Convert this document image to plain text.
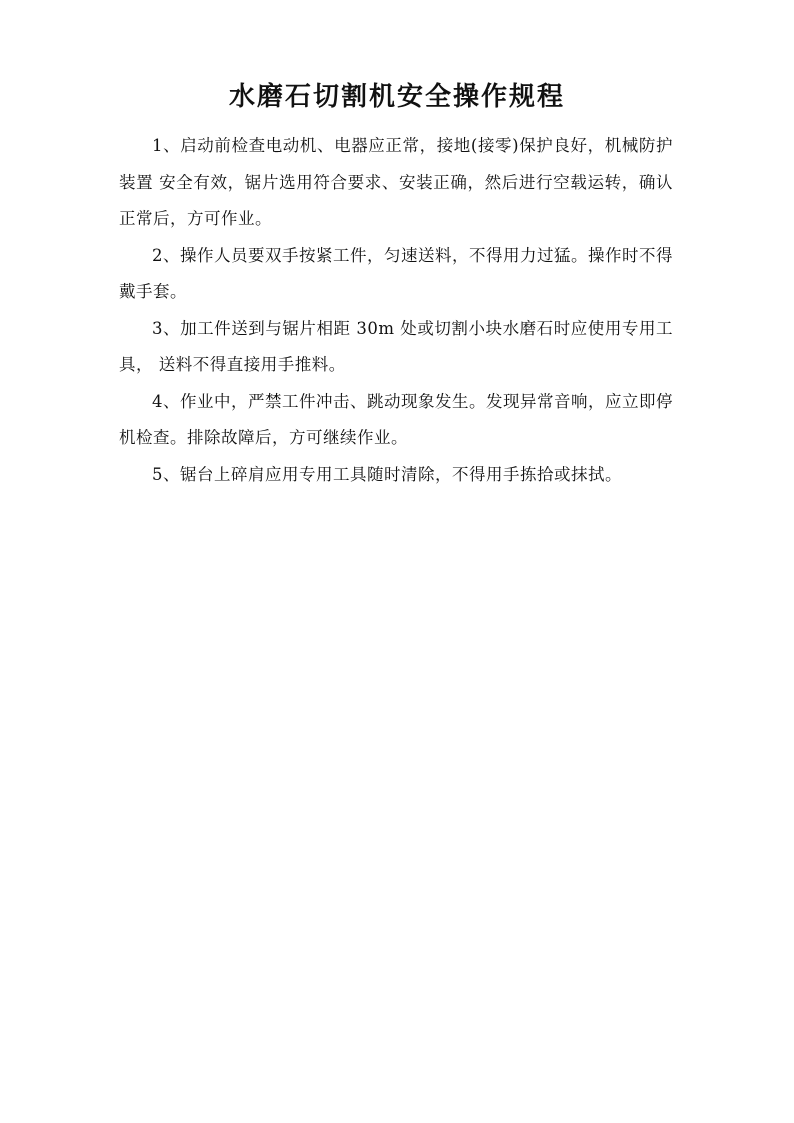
水磨石切割机安全操作规程

1、启动前检查电动机、电器应正常，接地(接零)保护良好，机械防护装置 安全有效，锯片选用符合要求、安装正确，然后进行空载运转，确认正常后，方可作业。

2、操作人员要双手按紧工件，匀速送料，不得用力过猛。操作时不得戴手套。

3、加工件送到与锯片相距 30m 处或切割小块水磨石时应使用专用工具， 送料不得直接用手推料。

4、作业中，严禁工件冲击、跳动现象发生。发现异常音响，应立即停机检查。排除故障后，方可继续作业。

5、锯台上碎肩应用专用工具随时清除，不得用手拣拾或抹拭。
